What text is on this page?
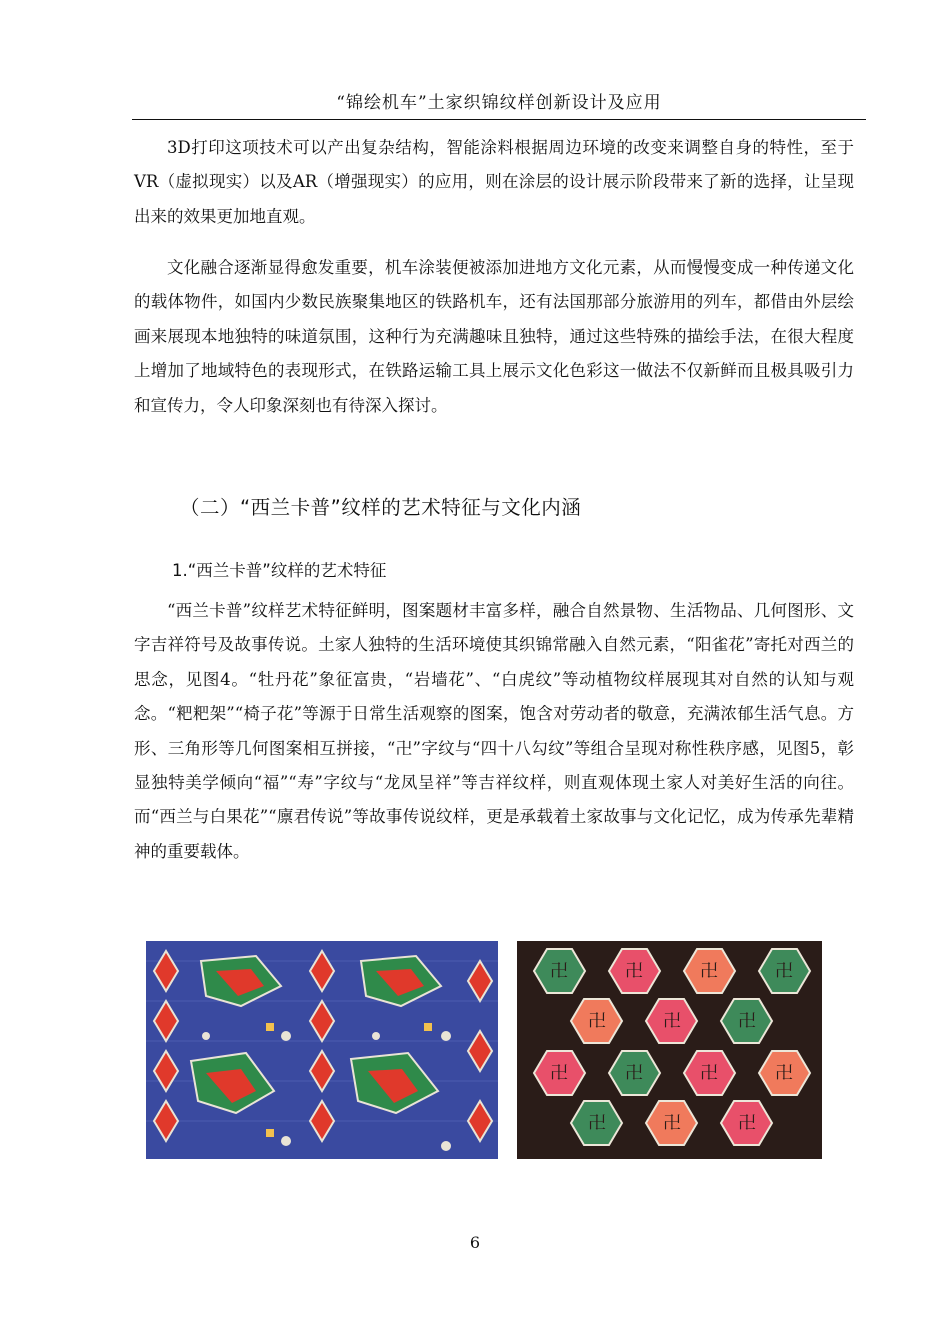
“锦绘机车”土家织锦纹样创新设计及应用
3D打印这项技术可以产出复杂结构，智能涂料根据周边环境的改变来调整自身的特性，至于VR（虚拟现实）以及AR（增强现实）的应用，则在涂层的设计展示阶段带来了新的选择，让呈现出来的效果更加地直观。
文化融合逐渐显得愈发重要，机车涂装便被添加进地方文化元素，从而慢慢变成一种传递文化的载体物件，如国内少数民族聚集地区的铁路机车，还有法国那部分旅游用的列车，都借由外层绘画来展现本地独特的味道氛围，这种行为充满趣味且独特，通过这些特殊的描绘手法，在很大程度上增加了地域特色的表现形式，在铁路运输工具上展示文化色彩这一做法不仅新鲜而且极具吸引力和宣传力，令人印象深刻也有待深入探讨。
（二）“西兰卡普”纹样的艺术特征与文化内涵
1.“西兰卡普”纹样的艺术特征
“西兰卡普”纹样艺术特征鲜明，图案题材丰富多样，融合自然景物、生活物品、几何图形、文字吉祥符号及故事传说。土家人独特的生活环境使其织锦常融入自然元素，“阳雀花”寄托对西兰的思念，见图4。“牡丹花”象征富贵，“岩墙花”、“白虎纹”等动植物纹样展现其对自然的认知与观念。“粑粑架”“椅子花”等源于日常生活观察的图案，饱含对劳动者的敬意，充满浓郁生活气息。方形、三角形等几何图案相互拼接，“卍”字纹与“四十八勾纹”等组合呈现对称性秩序感，见图5，彰显独特美学倾向“福”“寿”字纹与“龙凤呈祥”等吉祥纹样，则直观体现土家人对美好生活的向往。而“西兰与白果花”“廪君传说”等故事传说纹样，更是承载着土家故事与文化记忆，成为传承先辈精神的重要载体。
卍	卍	卍	卍
卍	卍	卍
卍	卍	卍	卍
卍	卍	卍
6
